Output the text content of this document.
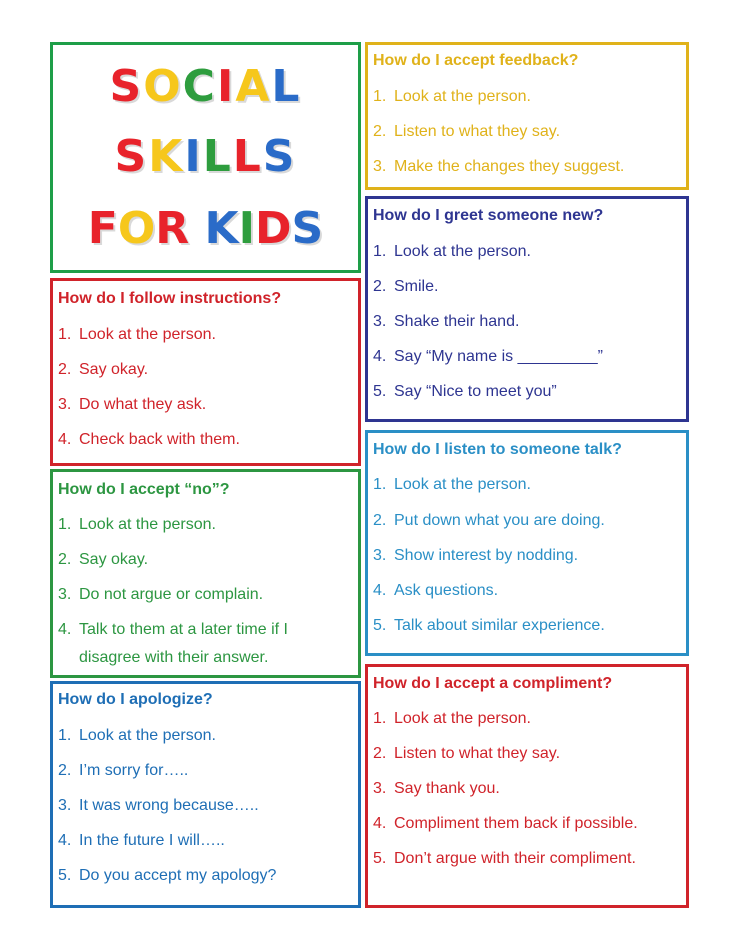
SOCIAL
SKILLS
FOR KIDS
How do I follow instructions?
1. Look at the person.
2. Say okay.
3. Do what they ask.
4. Check back with them.
How do I accept “no”?
1. Look at the person.
2. Say okay.
3. Do not argue or complain.
4. Talk to them at a later time if I
disagree with their answer.
How do I apologize?
1. Look at the person.
2. I’m sorry for…..
3. It was wrong because…..
4. In the future I will…..
5. Do you accept my apology?
How do I accept feedback?
1. Look at the person.
2. Listen to what they say.
3. Make the changes they suggest.
How do I greet someone new?
1. Look at the person.
2. Smile.
3. Shake their hand.
4. Say “My name is _________”
5. Say “Nice to meet you”
How do I listen to someone talk?
1. Look at the person.
2. Put down what you are doing.
3. Show interest by nodding.
4. Ask questions.
5. Talk about similar experience.
How do I accept a compliment?
1. Look at the person.
2. Listen to what they say.
3. Say thank you.
4. Compliment them back if possible.
5. Don’t argue with their compliment.
